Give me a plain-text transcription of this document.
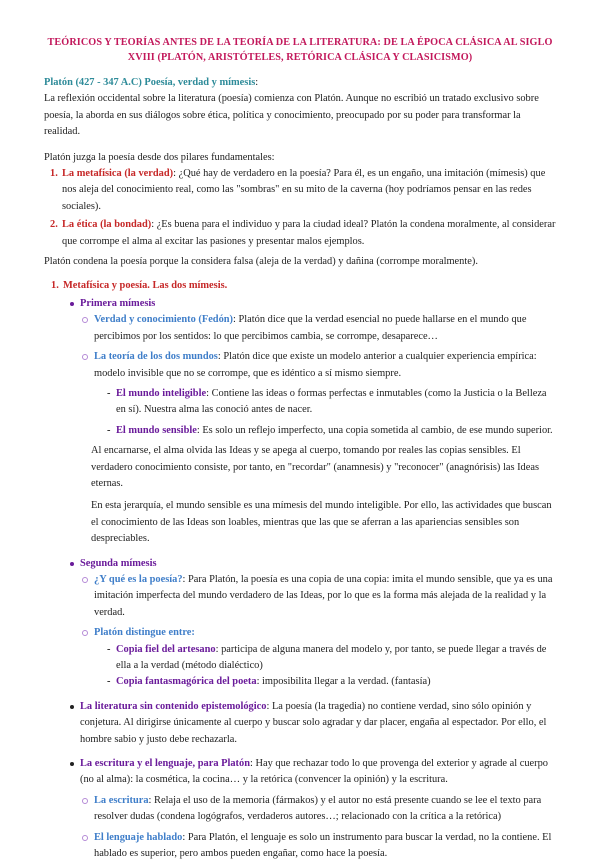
TEÓRICOS Y TEORÍAS ANTES DE LA TEORÍA DE LA LITERATURA: DE LA ÉPOCA CLÁSICA AL SIGLO XVIII (PLATÓN, ARISTÓTELES, RETÓRICA CLÁSICA Y CLASICISMO)

Platón (427 - 347 A.C) Poesía, verdad y mímesis:

La reflexión occidental sobre la literatura (poesía) comienza con Platón. Aunque no escribió un tratado exclusivo sobre poesía, la aborda en sus diálogos sobre ética, política y conocimiento, preocupado por su poder para transformar la realidad.

Platón juzga la poesía desde dos pilares fundamentales:

1. La metafísica (la verdad): ¿Qué hay de verdadero en la poesía? Para él, es un engaño, una imitación (mímesis) que nos aleja del conocimiento real, como las "sombras" en su mito de la caverna (hoy podríamos pensar en las redes sociales).
2. La ética (la bondad): ¿Es buena para el individuo y para la ciudad ideal? Platón la condena moralmente, al considerar que corrompe el alma al excitar las pasiones y presentar malos ejemplos.

Platón condena la poesía porque la considera falsa (aleja de la verdad) y dañina (corrompe moralmente).

1. Metafísica y poesía. Las dos mímesis.
Primera mímesis
Verdad y conocimiento (Fedón): Platón dice que la verdad esencial no puede hallarse en el mundo que percibimos por los sentidos: lo que percibimos cambia, se corrompe, desaparece…
La teoría de los dos mundos: Platón dice que existe un modelo anterior a cualquier experiencia empírica: modelo invisible que no se corrompe, que es idéntico a sí mismo siempre.
- El mundo inteligible: Contiene las ideas o formas perfectas e inmutables (como la Justicia o la Belleza en sí). Nuestra alma las conoció antes de nacer.
- El mundo sensible: Es solo un reflejo imperfecto, una copia sometida al cambio, de ese mundo superior.

Al encarnarse, el alma olvida las Ideas y se apega al cuerpo, tomando por reales las copias sensibles. El verdadero conocimiento consiste, por tanto, en "recordar" (anamnesis) y "reconocer" (anagnórisis) las Ideas eternas.

En esta jerarquía, el mundo sensible es una mímesis del mundo inteligible. Por ello, las actividades que buscan el conocimiento de las Ideas son loables, mientras que las que se aferran a las apariencias sensibles son despreciables.

Segunda mímesis
¿Y qué es la poesía?: Para Platón, la poesía es una copia de una copia: imita el mundo sensible, que ya es una imitación imperfecta del mundo verdadero de las Ideas, por lo que es la forma más alejada de la realidad y la verdad.
Platón distingue entre:
- Copia fiel del artesano: participa de alguna manera del modelo y, por tanto, se puede llegar a través de ella a la verdad (método dialéctico)
- Copia fantasmagórica del poeta: imposibilita llegar a la verdad. (fantasía)
La literatura sin contenido epistemológico: La poesía (la tragedia) no contiene verdad, sino sólo opinión y conjetura. Al dirigirse únicamente al cuerpo y buscar solo agradar y dar placer, engaña al espectador. Por ello, el hombre sabio y justo debe rechazarla.
La escritura y el lenguaje, para Platón: Hay que rechazar todo lo que provenga del exterior y agrade al cuerpo (no al alma): la cosmética, la cocina… y la retórica (convencer la opinión) y la escritura.
La escritura: Relaja el uso de la memoria (fármakos) y el autor no está presente cuando se lee el texto para resolver dudas (condena logógrafos, verdaderos autores…; relacionado con la crítica a la retórica)
El lenguaje hablado: Para Platón, el lenguaje es solo un instrumento para buscar la verdad, no la contiene. El hablado es superior, pero ambos pueden engañar, como hace la poesía.
